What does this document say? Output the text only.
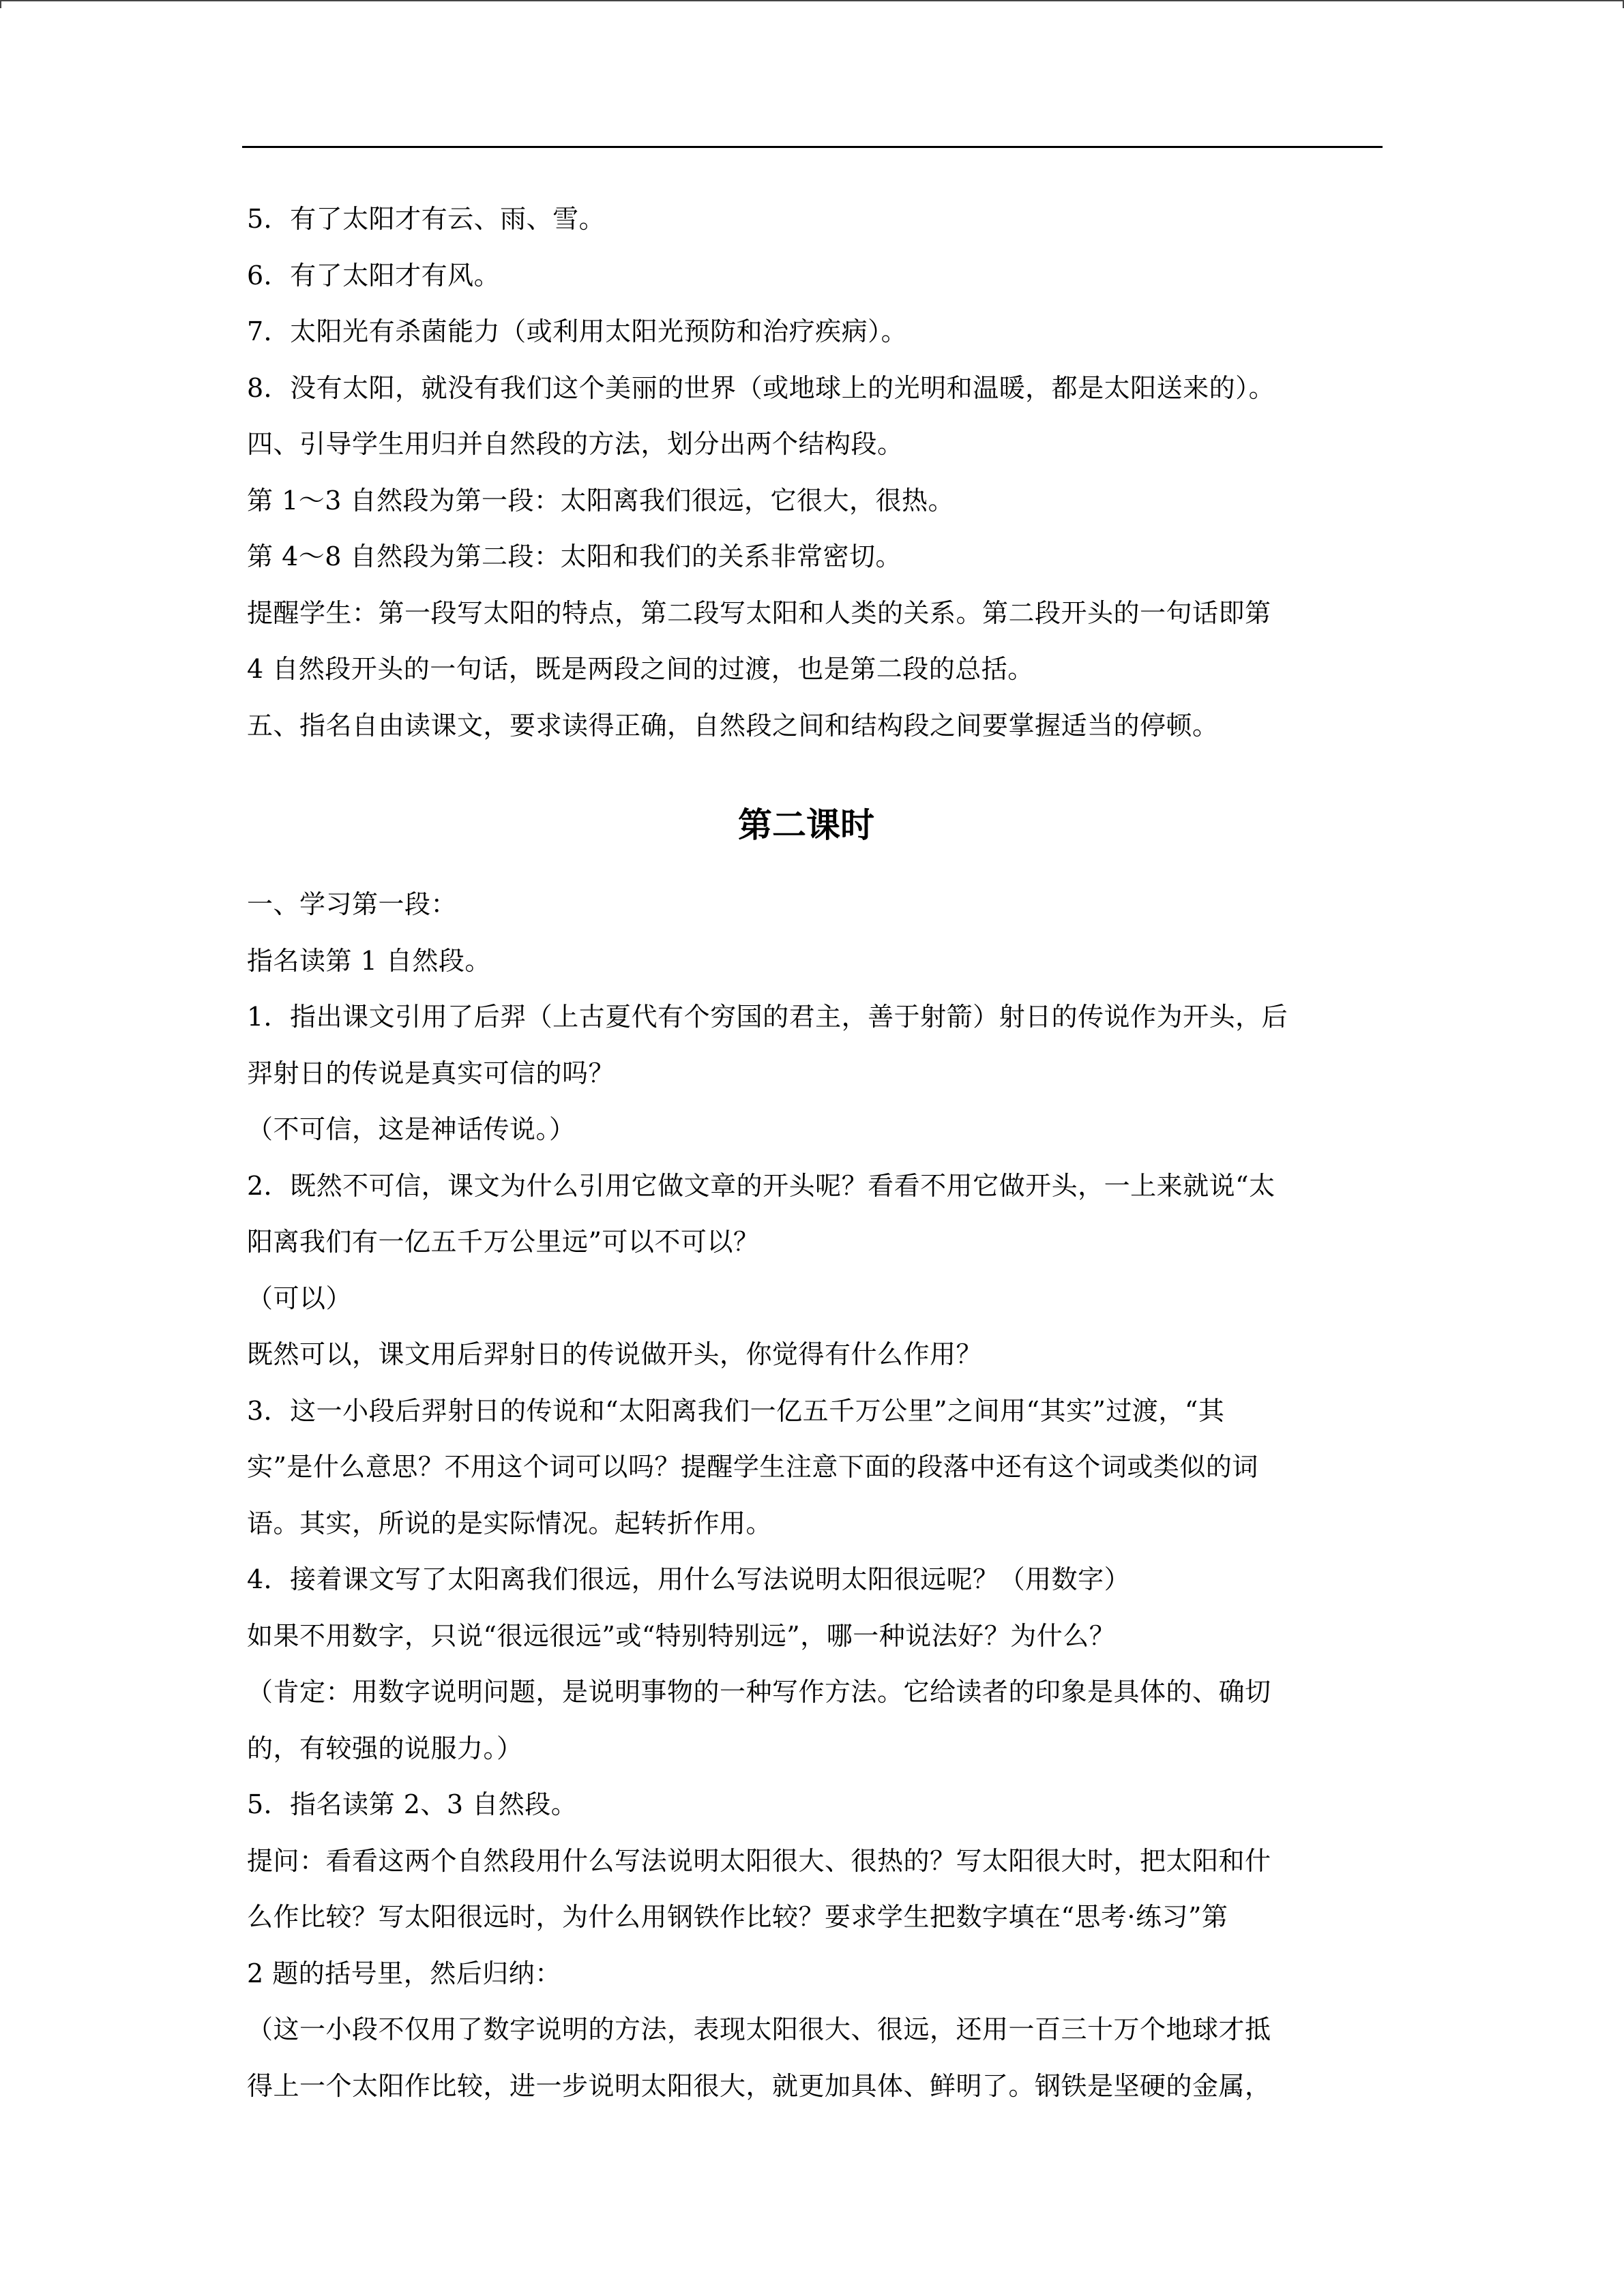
5．有了太阳才有云、雨、雪。
6．有了太阳才有风。
7．太阳光有杀菌能力（或利用太阳光预防和治疗疾病）。
8．没有太阳，就没有我们这个美丽的世界（或地球上的光明和温暖，都是太阳送来的）。
四、引导学生用归并自然段的方法，划分出两个结构段。
第 1～3 自然段为第一段：太阳离我们很远，它很大，很热。
第 4～8 自然段为第二段：太阳和我们的关系非常密切。
提醒学生：第一段写太阳的特点，第二段写太阳和人类的关系。第二段开头的一句话即第
4 自然段开头的一句话，既是两段之间的过渡，也是第二段的总括。
五、指名自由读课文，要求读得正确，自然段之间和结构段之间要掌握适当的停顿。
第二课时
一、学习第一段：
指名读第 1 自然段。
1．指出课文引用了后羿（上古夏代有个穷国的君主，善于射箭）射日的传说作为开头，后
羿射日的传说是真实可信的吗？
（不可信，这是神话传说。）
2．既然不可信，课文为什么引用它做文章的开头呢？看看不用它做开头，一上来就说“太
阳离我们有一亿五千万公里远”可以不可以？
（可以）
既然可以，课文用后羿射日的传说做开头，你觉得有什么作用？
3．这一小段后羿射日的传说和“太阳离我们一亿五千万公里”之间用“其实”过渡，“其
实”是什么意思？不用这个词可以吗？提醒学生注意下面的段落中还有这个词或类似的词
语。其实，所说的是实际情况。起转折作用。
4．接着课文写了太阳离我们很远，用什么写法说明太阳很远呢？（用数字）
如果不用数字，只说“很远很远”或“特别特别远”，哪一种说法好？为什么？
（肯定：用数字说明问题，是说明事物的一种写作方法。它给读者的印象是具体的、确切
的，有较强的说服力。）
5．指名读第 2、3 自然段。
提问：看看这两个自然段用什么写法说明太阳很大、很热的？写太阳很大时，把太阳和什
么作比较？写太阳很远时，为什么用钢铁作比较？要求学生把数字填在“思考·练习”第
2 题的括号里，然后归纳：
（这一小段不仅用了数字说明的方法，表现太阳很大、很远，还用一百三十万个地球才抵
得上一个太阳作比较，进一步说明太阳很大，就更加具体、鲜明了。钢铁是坚硬的金属，
